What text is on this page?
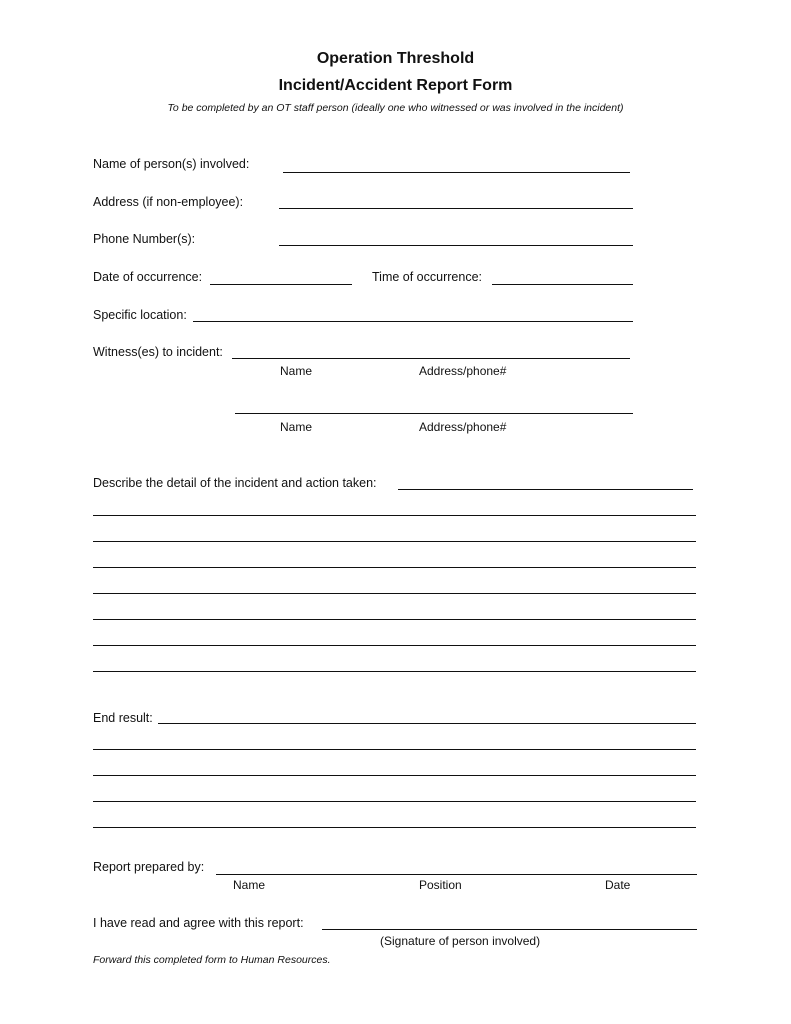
Operation Threshold
Incident/Accident Report Form
To be completed by an OT staff person (ideally one who witnessed or was involved in the incident)
Name of person(s) involved:
Address (if non-employee):
Phone Number(s):
Date of occurrence:	Time of occurrence:
Specific location:
Witness(es) to incident:
Name	Address/phone#
Name	Address/phone#
Describe the detail of the incident and action taken:
End result:
Report prepared by:
Name	Position	Date
I have read and agree with this report:
(Signature of person involved)
Forward this completed form to Human Resources.
